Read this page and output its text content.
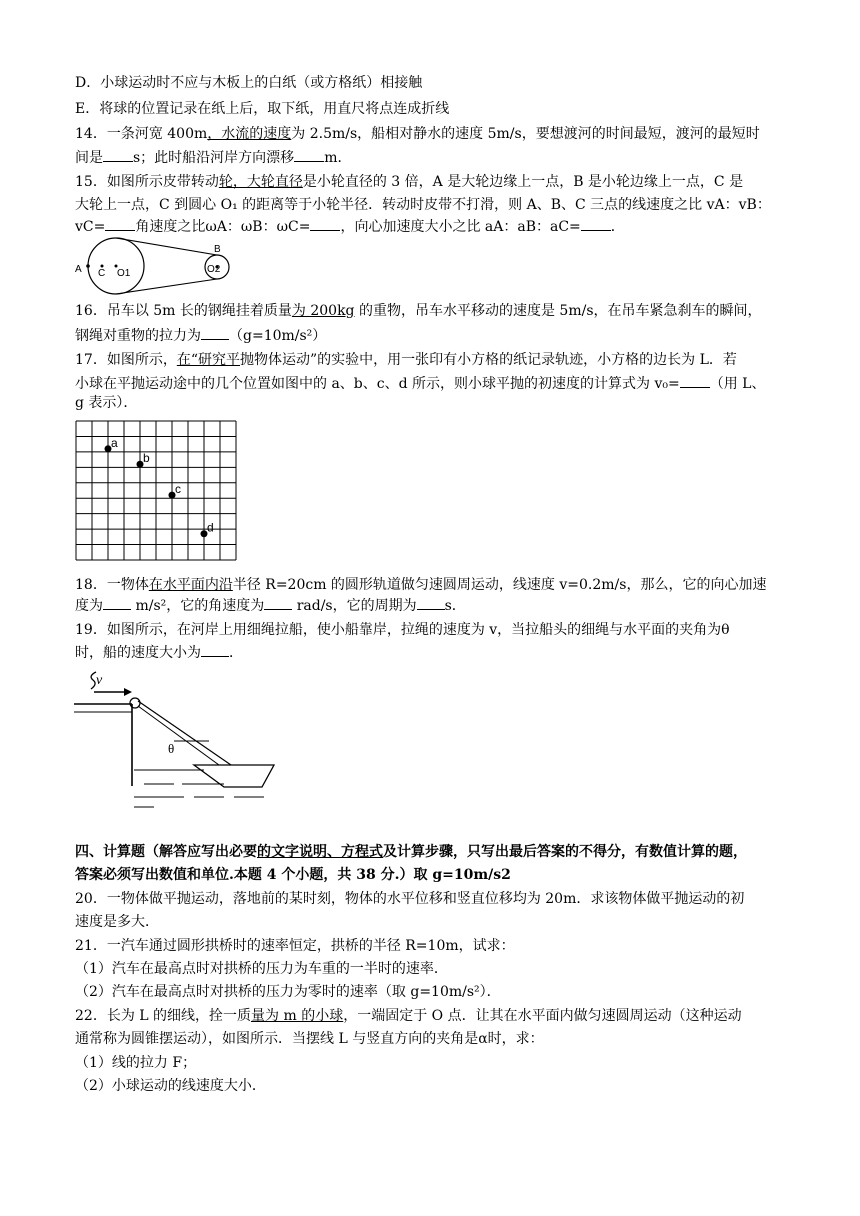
D．小球运动时不应与木板上的白纸（或方格纸）相接触
E．将球的位置记录在纸上后，取下纸，用直尺将点连成折线
14．一条河宽 400m，水流的速度为 2.5m/s，船相对静水的速度 5m/s，要想渡河的时间最短，渡河的最短时
间是 s；此时船沿河岸方向漂移 m．
15．如图所示皮带转动轮，大轮直径是小轮直径的 3 倍，A 是大轮边缘上一点，B 是小轮边缘上一点，C 是
大轮上一点，C 到圆心 O₁ 的距离等于小轮半径．转动时皮带不打滑，则 A、B、C 三点的线速度之比 vA：vB：
vC= 角速度之比ωA：ωB：ωC= ，向心加速度大小之比 aA：aB：aC= ．
A C O1
B
O2
16．吊车以 5m 长的钢绳挂着质量为 200kg 的重物，吊车水平移动的速度是 5m/s，在吊车紧急刹车的瞬间，
钢绳对重物的拉力为 （g=10m/s²）
17．如图所示，在“研究平抛物体运动”的实验中，用一张印有小方格的纸记录轨迹，小方格的边长为 L．若
小球在平抛运动途中的几个位置如图中的 a、b、c、d 所示，则小球平抛的初速度的计算式为 v₀= （用 L、
g 表示）．
a
b
c
d
18．一物体在水平面内沿半径 R=20cm 的圆形轨道做匀速圆周运动，线速度 v=0.2m/s，那么，它的向心加速
度为 m/s²，它的角速度为 rad/s，它的周期为 s．
19．如图所示，在河岸上用细绳拉船，使小船靠岸，拉绳的速度为 v，当拉船头的细绳与水平面的夹角为θ
时，船的速度大小为 ．
v
θ
四、计算题（解答应写出必要的文字说明、方程式及计算步骤，只写出最后答案的不得分，有数值计算的题，
答案必须写出数值和单位.本题 4 个小题，共 38 分.）取 g=10m/s2
20．一物体做平抛运动，落地前的某时刻，物体的水平位移和竖直位移均为 20m．求该物体做平抛运动的初
速度是多大．
21．一汽车通过圆形拱桥时的速率恒定，拱桥的半径 R=10m，试求：
（1）汽车在最高点时对拱桥的压力为车重的一半时的速率．
（2）汽车在最高点时对拱桥的压力为零时的速率（取 g=10m/s²）．
22．长为 L 的细线，拴一质量为 m 的小球，一端固定于 O 点．让其在水平面内做匀速圆周运动（这种运动
通常称为圆锥摆运动），如图所示．当摆线 L 与竖直方向的夹角是α时，求：
（1）线的拉力 F；
（2）小球运动的线速度大小．
